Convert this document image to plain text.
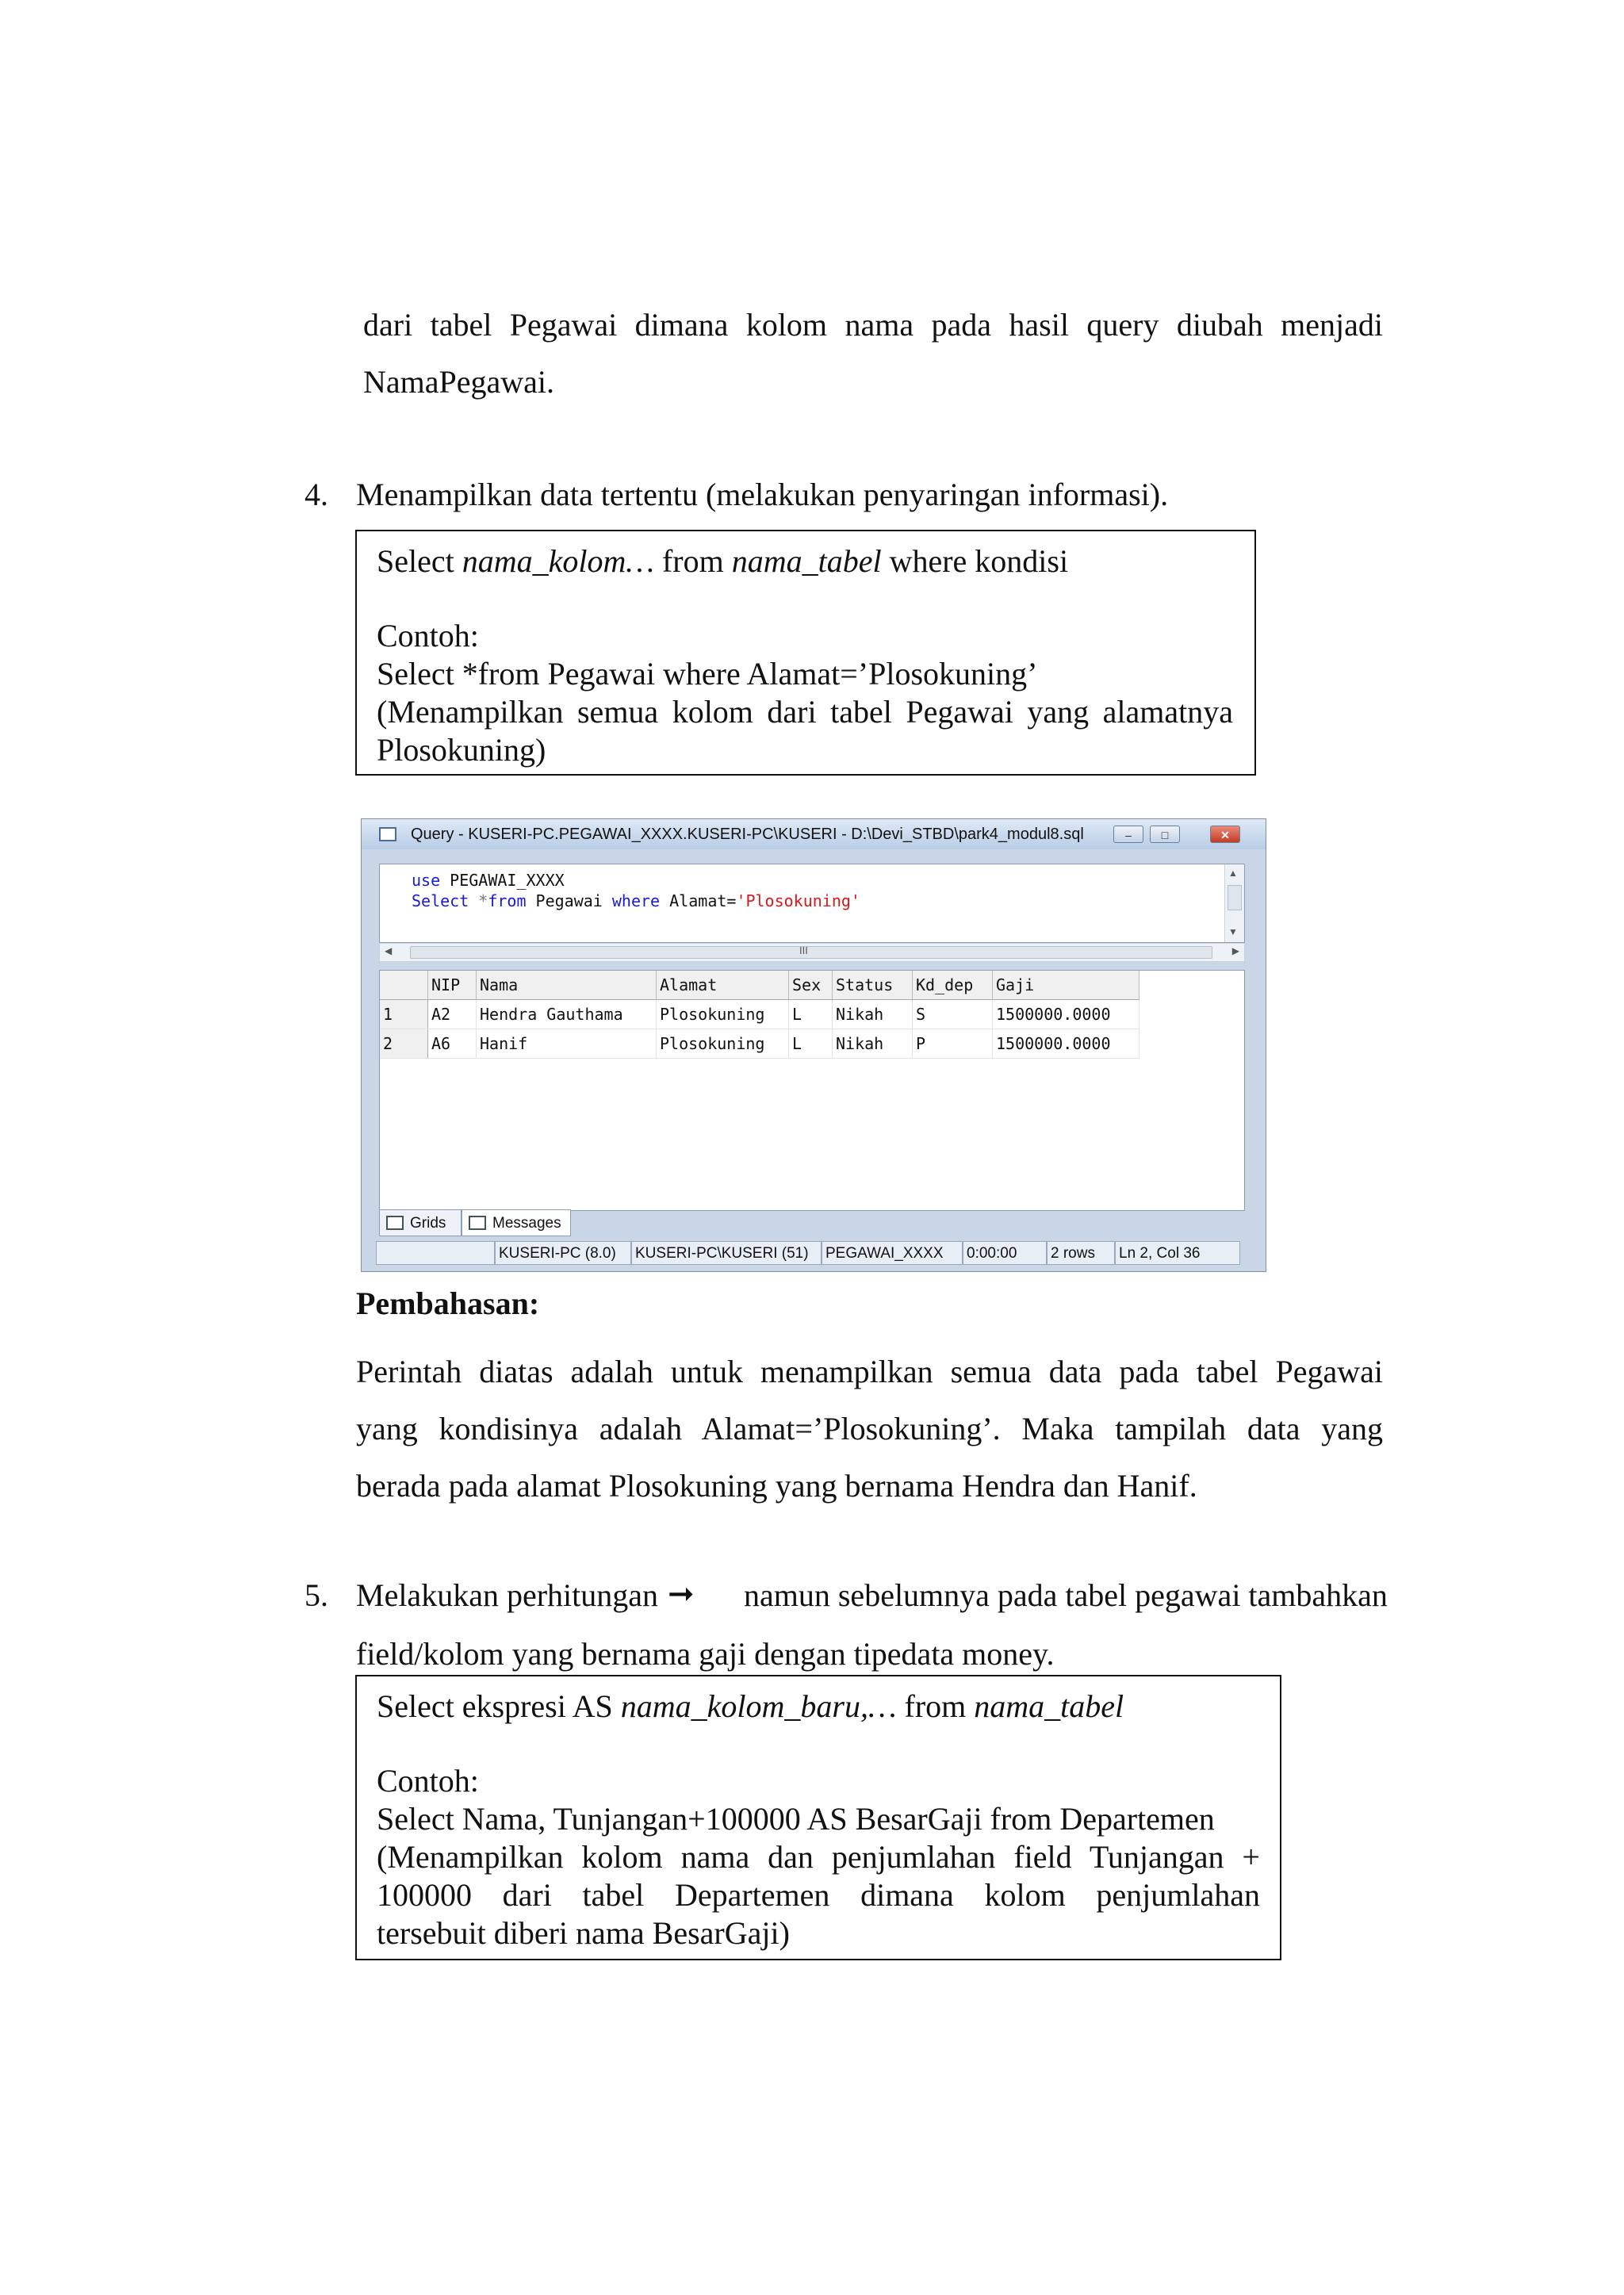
dari tabel Pegawai dimana kolom nama pada hasil query diubah menjadi
NamaPegawai.
4. Menampilkan data tertentu (melakukan penyaringan informasi).

Select nama_kolom… from nama_tabel where kondisi

Contoh:

Select *from Pegawai where Alamat=’Plosokuning’

(Menampilkan semua kolom dari tabel Pegawai yang alamatnya

Plosokuning)

Query - KUSERI-PC.PEGAWAI_XXXX.KUSERI-PC\KUSERI - D:\Devi_STBD\park4_modul8.sql	–	□	✕
use PEGAWAI_XXXX
Select *from Pegawai where Alamat='Plosokuning'
▲
▼
◀	III	▶
	NIP	Nama	Alamat	Sex	Status	Kd_dep	Gaji
1	A2	Hendra Gauthama	Plosokuning	L	Nikah	S	1500000.0000
2	A6	Hanif	Plosokuning	L	Nikah	P	1500000.0000
Grids	Messages
KUSERI-PC (8.0)	KUSERI-PC\KUSERI (51)	PEGAWAI_XXXX	0:00:00	2 rows	Ln 2, Col 36
Pembahasan:
Perintah diatas adalah untuk menampilkan semua data pada tabel Pegawai
yang kondisinya adalah Alamat=’Plosokuning’. Maka tampilah data yang
berada pada alamat Plosokuning yang bernama Hendra dan Hanif.
5. Melakukan perhitungan ➞ namun sebelumnya pada tabel pegawai tambahkan
field/kolom yang bernama gaji dengan tipedata money.

Select ekspresi AS nama_kolom_baru,… from nama_tabel

Contoh:

Select Nama, Tunjangan+100000 AS BesarGaji from Departemen

(Menampilkan kolom nama dan penjumlahan field Tunjangan +

100000 dari tabel Departemen dimana kolom penjumlahan

tersebuit diberi nama BesarGaji)
